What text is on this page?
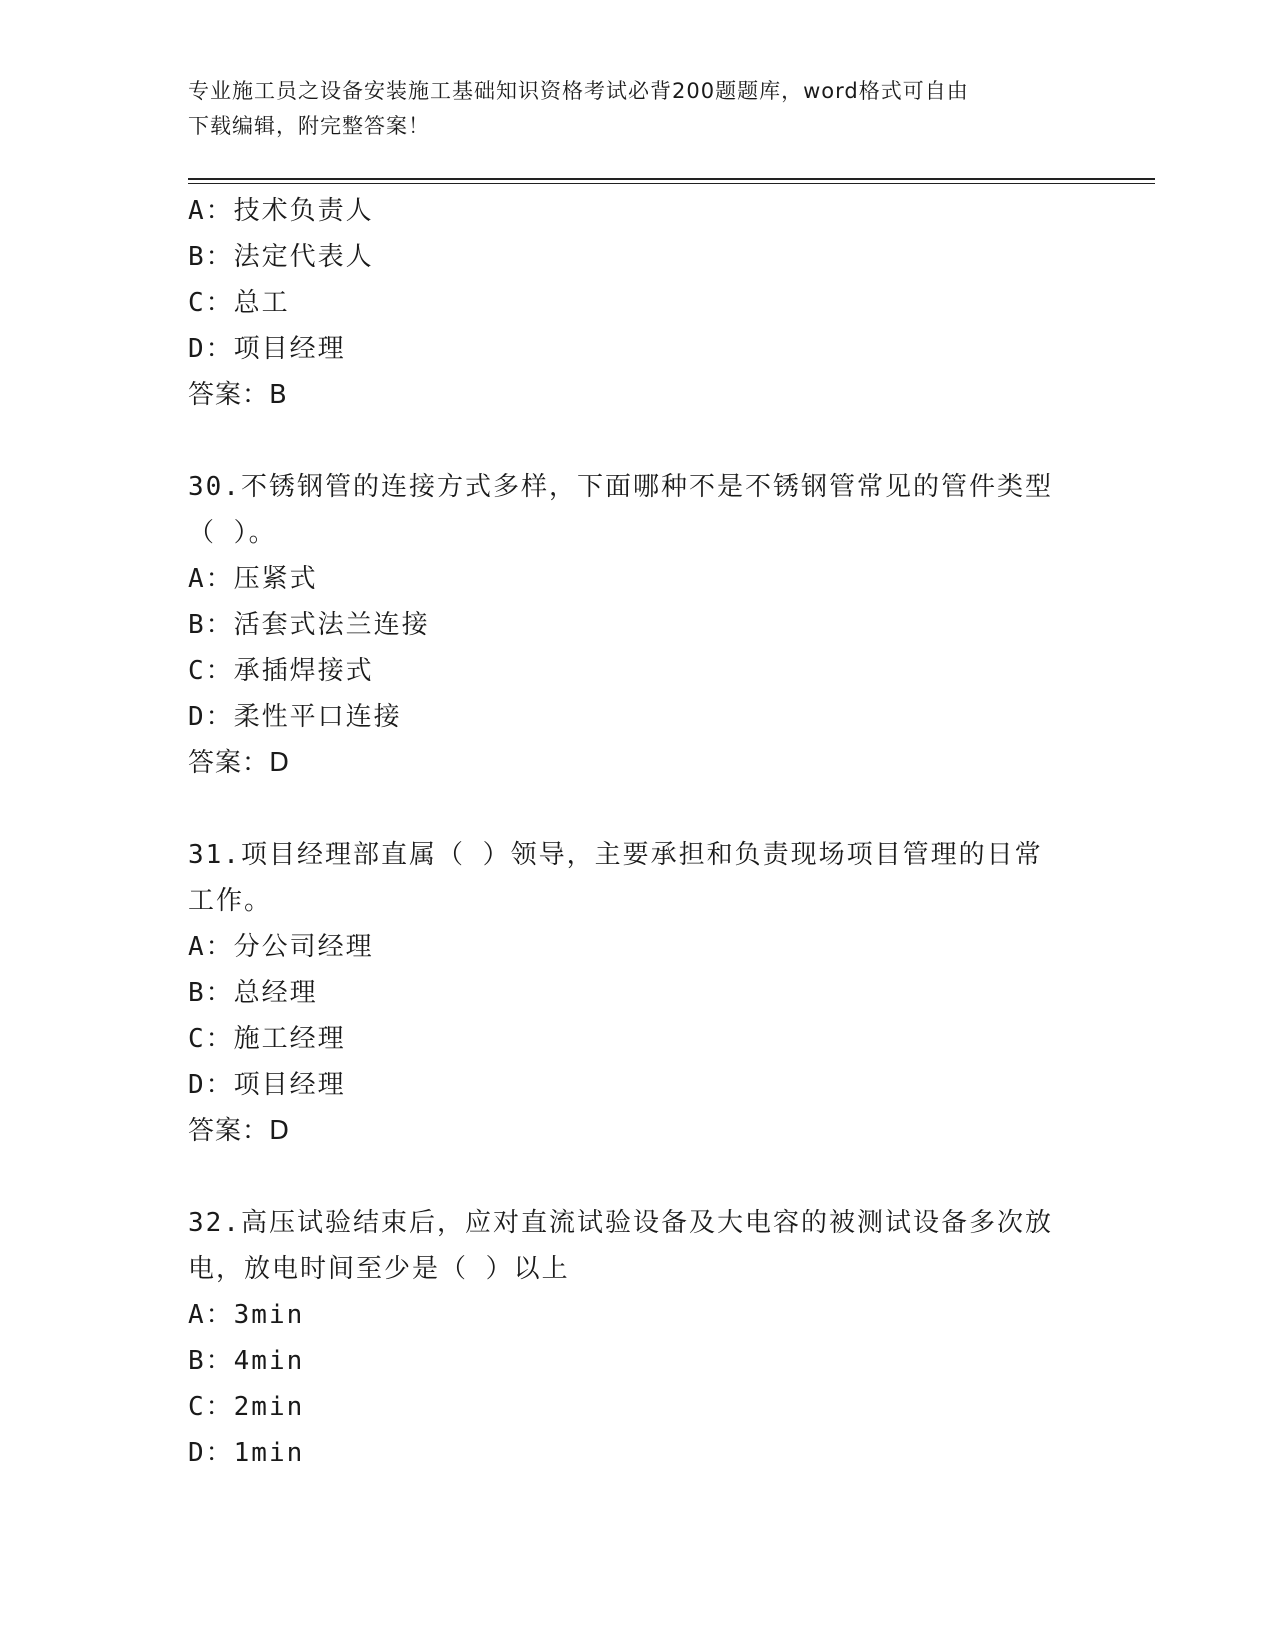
专业施工员之设备安装施工基础知识资格考试必背200题题库，word格式可自由
下载编辑，附完整答案！
A：技术负责人
B：法定代表人
C：总工
D：项目经理
答案：B
30.不锈钢管的连接方式多样，下面哪种不是不锈钢管常见的管件类型
（ ）。
A：压紧式
B：活套式法兰连接
C：承插焊接式
D：柔性平口连接
答案：D
31.项目经理部直属（ ）领导，主要承担和负责现场项目管理的日常
工作。
A：分公司经理
B：总经理
C：施工经理
D：项目经理
答案：D
32.高压试验结束后，应对直流试验设备及大电容的被测试设备多次放
电，放电时间至少是（ ）以上
A：3min
B：4min
C：2min
D：1min
